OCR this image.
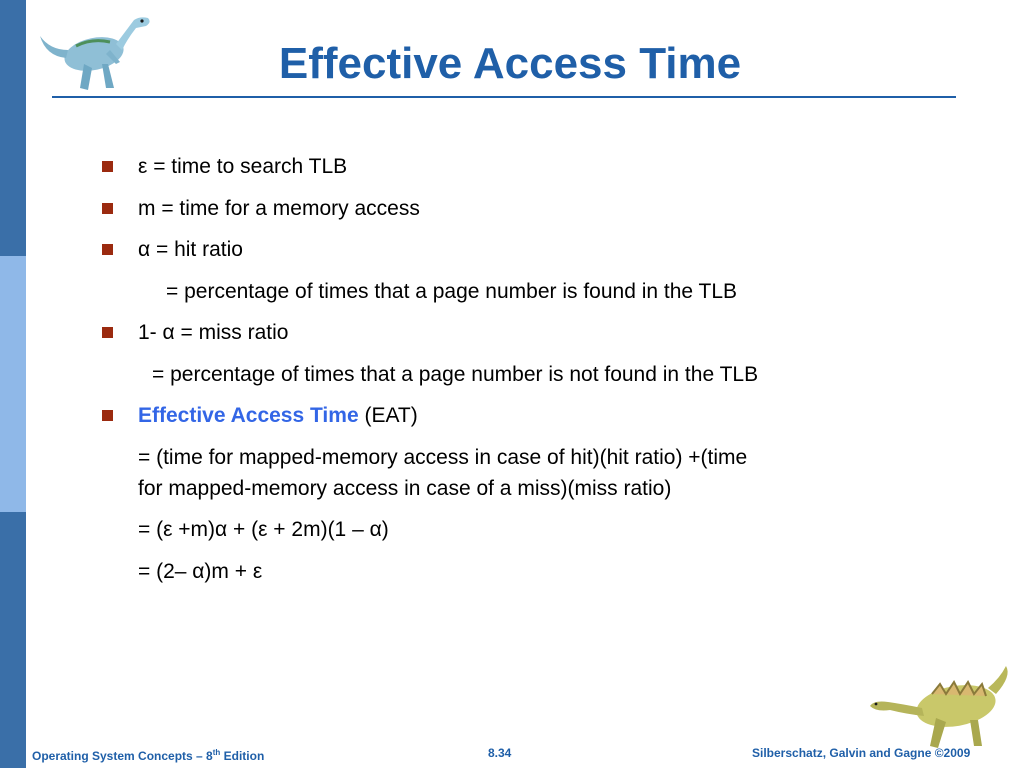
Effective Access Time
ε = time to search TLB
m = time for a memory access
α = hit ratio
= percentage of times that a page number is found in the TLB
1- α = miss ratio
= percentage of times that a page number is not found in the TLB
Effective Access Time (EAT)
= (time for mapped-memory access in case of hit)(hit ratio) +(time
for mapped-memory access in case of a miss)(miss ratio)
= (ε +m)α + (ε + 2m)(1 – α)
= (2– α)m + ε
Operating System Concepts – 8th Edition	8.34	Silberschatz, Galvin and Gagne ©2009
